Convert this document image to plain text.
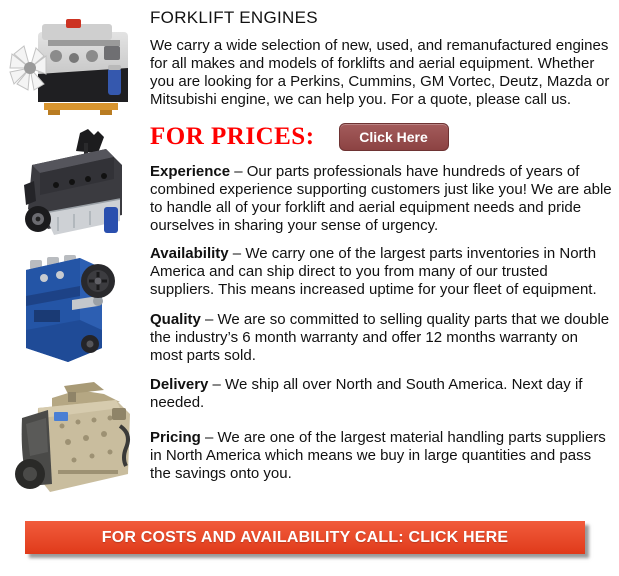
FORKLIFT ENGINES
We carry a wide selection of new, used, and remanufactured engines for all makes and models of forklifts and aerial equipment. Whether you are looking for a Perkins, Cummins, GM Vortec, Deutz, Mazda or Mitsubishi engine, we can help you. For a quote, please call us.
FOR PRICES:	Click Here
Experience – Our parts professionals have hundreds of years of combined experience supporting customers just like you! We are able to handle all of your forklift and aerial equipment needs and pride ourselves in sharing your sense of urgency.
Availability – We carry one of the largest parts inventories in North America and can ship direct to you from many of our trusted suppliers. This means increased uptime for your fleet of equipment.
Quality – We are so committed to selling quality parts that we double the industry’s 6 month warranty and offer 12 months warranty on most parts sold.
Delivery – We ship all over North and South America. Next day if needed.
Pricing – We are one of the largest material handling parts suppliers in North America which means we buy in large quantities and pass the savings onto you.
FOR COSTS AND AVAILABILITY CALL: CLICK HERE
